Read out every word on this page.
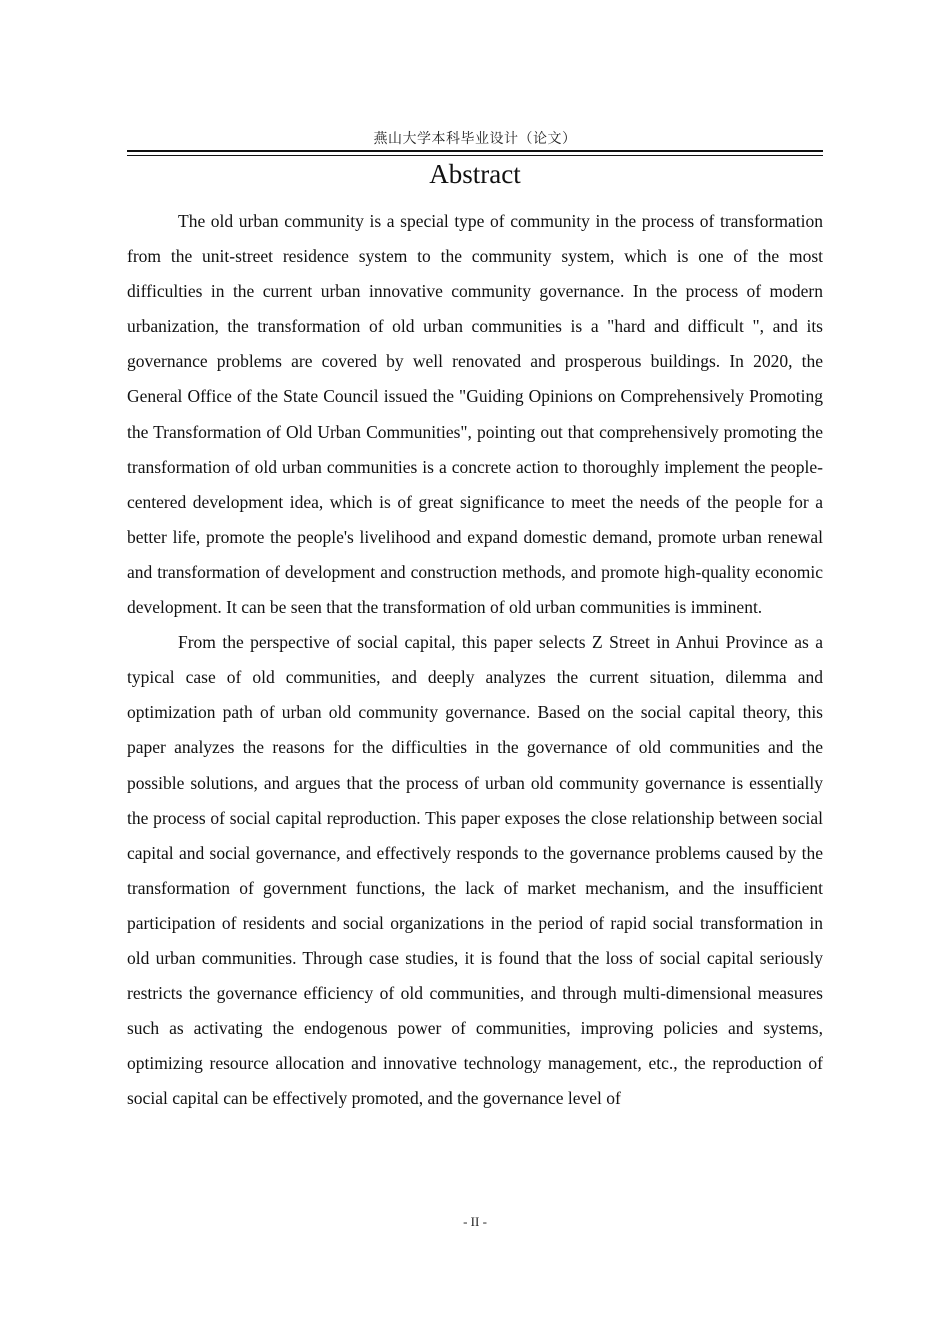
燕山大学本科毕业设计（论文）
Abstract

The old urban community is a special type of community in the process of transformation from the unit-street residence system to the community system, which is one of the most difficulties in the current urban innovative community governance. In the process of modern urbanization, the transformation of old urban communities is a "hard and difficult ", and its governance problems are covered by well renovated and prosperous buildings. In 2020, the General Office of the State Council issued the "Guiding Opinions on Comprehensively Promoting the Transformation of Old Urban Communities", pointing out that comprehensively promoting the transformation of old urban communities is a concrete action to thoroughly implement the people-centered development idea, which is of great significance to meet the needs of the people for a better life, promote the people's livelihood and expand domestic demand, promote urban renewal and transformation of development and construction methods, and promote high-quality economic development. It can be seen that the transformation of old urban communities is imminent.

From the perspective of social capital, this paper selects Z Street in Anhui Province as a typical case of old communities, and deeply analyzes the current situation, dilemma and optimization path of urban old community governance. Based on the social capital theory, this paper analyzes the reasons for the difficulties in the governance of old communities and the possible solutions, and argues that the process of urban old community governance is essentially the process of social capital reproduction. This paper exposes the close relationship between social capital and social governance, and effectively responds to the governance problems caused by the transformation of government functions, the lack of market mechanism, and the insufficient participation of residents and social organizations in the period of rapid social transformation in old urban communities. Through case studies, it is found that the loss of social capital seriously restricts the governance efficiency of old communities, and through multi-dimensional measures such as activating the endogenous power of communities, improving policies and systems, optimizing resource allocation and innovative technology management, etc., the reproduction of social capital can be effectively promoted, and the governance level of

- II -
